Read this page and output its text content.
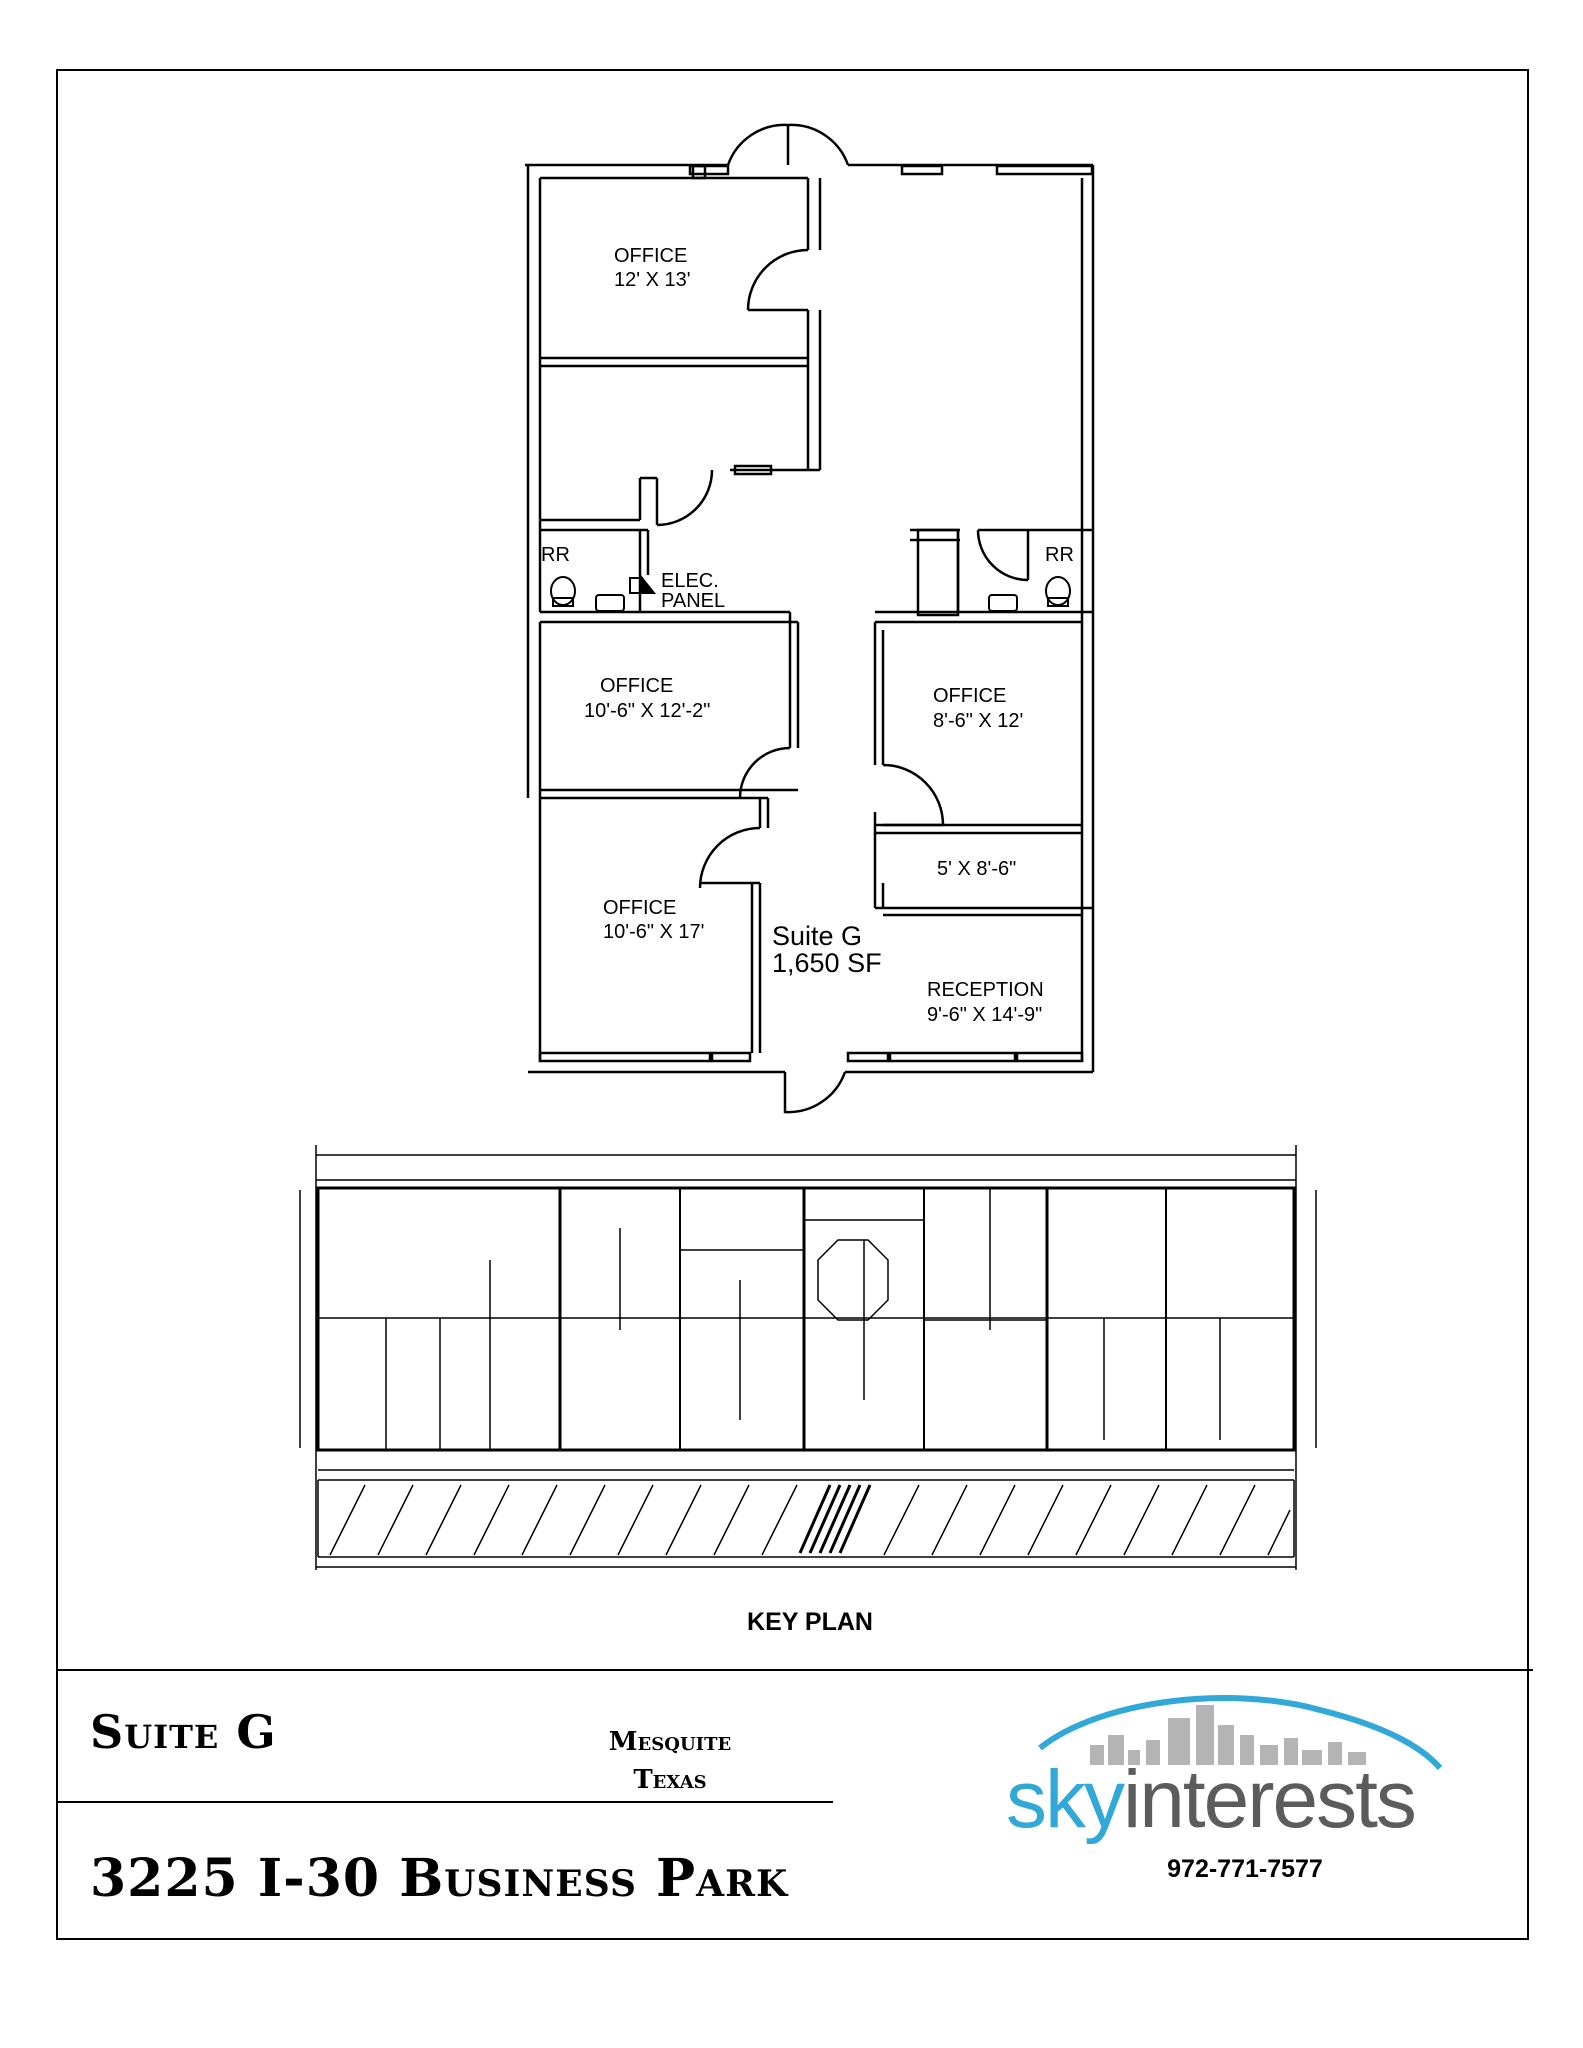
OFFICE
12' X 13'
RR
ELEC.
PANEL
RR
OFFICE
10'-6" X 12'-2"
OFFICE
8'-6" X 12'
5' X 8'-6"
OFFICE
10'-6" X 17'	Suite G
1,650 SF
RECEPTION
9'-6" X 14'-9"
KEY PLAN
Suite G	Mesquite
Texas
3225 I-30 Business Park
skyinterests
972-771-7577
